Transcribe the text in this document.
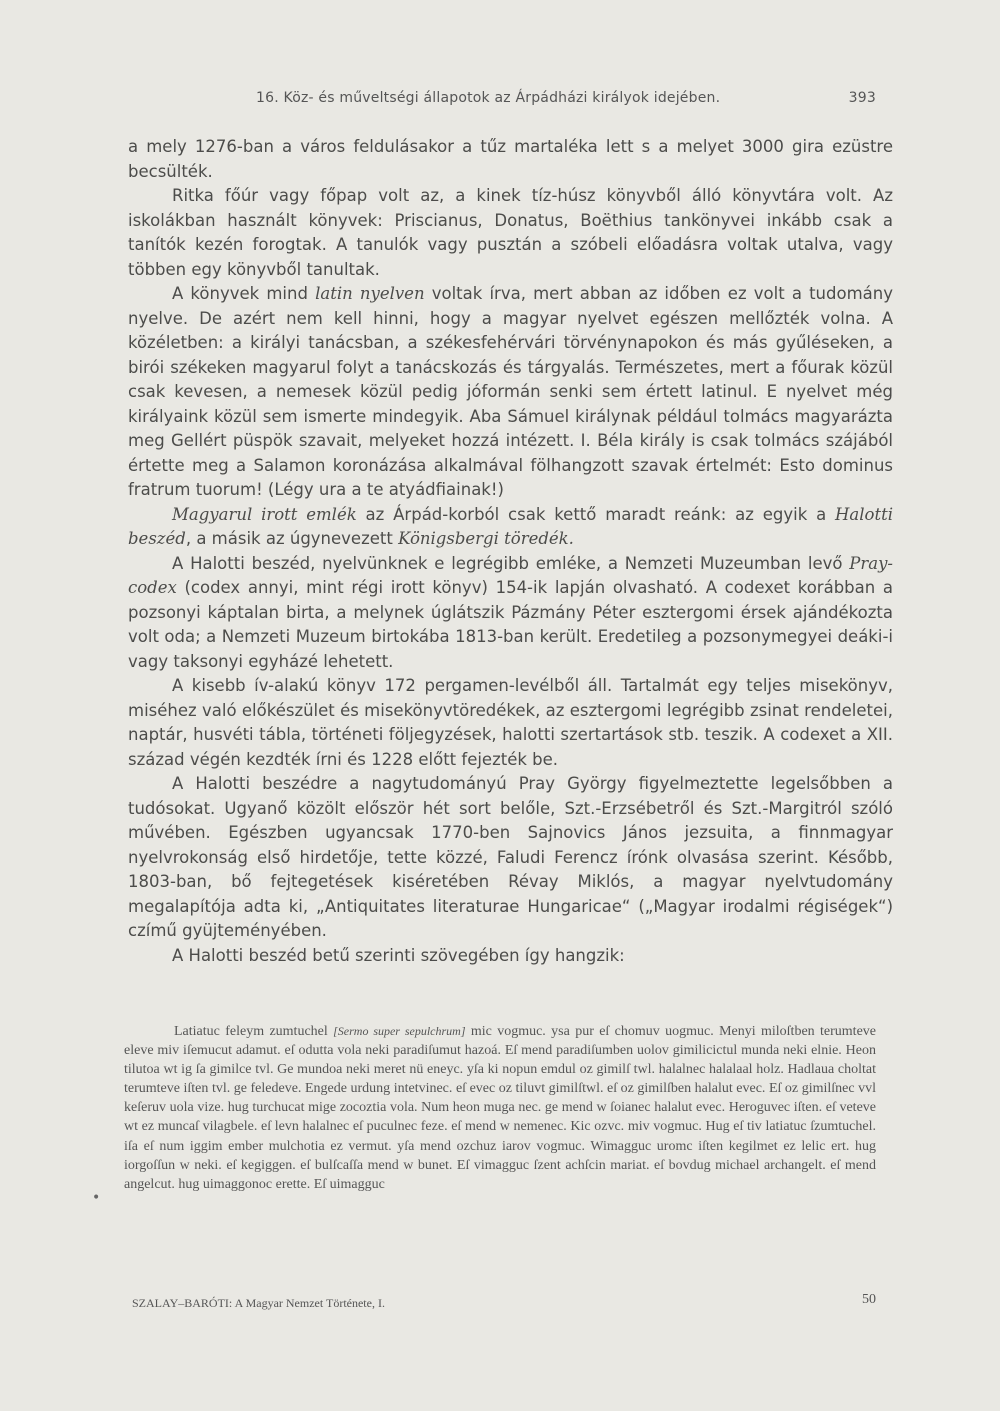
16. Köz- és műveltségi állapotok az Árpádházi királyok idejében.	393

a mely 1276-ban a város feldulásakor a tűz martaléka lett s a melyet 3000 gira ezüstre becsülték.

Ritka főúr vagy főpap volt az, a kinek tíz-húsz könyvből álló könyvtára volt. Az iskolákban használt könyvek: Priscianus, Donatus, Boëthius tankönyvei inkább csak a tanítók kezén forogtak. A tanulók vagy pusztán a szóbeli előadásra voltak utalva, vagy többen egy könyvből tanultak.

A könyvek mind latin nyelven voltak írva, mert abban az időben ez volt a tudomány nyelve. De azért nem kell hinni, hogy a magyar nyelvet egészen mellőzték volna. A közéletben: a királyi tanácsban, a székesfehérvári törvénynapokon és más gyűléseken, a birói székeken magyarul folyt a tanácskozás és tárgyalás. Természetes, mert a főurak közül csak kevesen, a nemesek közül pedig jóformán senki sem értett latinul. E nyelvet még királyaink közül sem ismerte mindegyik. Aba Sámuel királynak például tolmács magyarázta meg Gellért püspök szavait, melyeket hozzá intézett. I. Béla király is csak tolmács szájából értette meg a Salamon koronázása alkalmával fölhangzott szavak értelmét: Esto dominus fratrum tuorum! (Légy ura a te atyádfiainak!)

Magyarul irott emlék az Árpád-korból csak kettő maradt reánk: az egyik a Halotti beszéd, a másik az úgynevezett Königsbergi töredék.

A Halotti beszéd, nyelvünknek e legrégibb emléke, a Nemzeti Muzeumban levő Pray-codex (codex annyi, mint régi irott könyv) 154-ik lapján olvasható. A codexet korábban a pozsonyi káptalan birta, a melynek úglátszik Pázmány Péter esztergomi érsek ajándékozta volt oda; a Nemzeti Muzeum birtokába 1813-ban került. Eredetileg a pozsonymegyei deáki-i vagy taksonyi egyházé lehetett.

A kisebb ív-alakú könyv 172 pergamen-levélből áll. Tartalmát egy teljes misekönyv, miséhez való előkészület és misekönyvtöredékek, az esztergomi legrégibb zsinat rendeletei, naptár, husvéti tábla, történeti följegyzések, halotti szertartások stb. teszik. A codexet a XII. század végén kezdték írni és 1228 előtt fejezték be.

A Halotti beszédre a nagytudományú Pray György figyelmeztette legelsőbben a tudósokat. Ugyanő közölt először hét sort belőle, Szt.-Erzsébetről és Szt.-Margitról szóló művében. Egészben ugyancsak 1770-ben Sajnovics János jezsuita, a finnmagyar nyelvrokonság első hirdetője, tette közzé, Faludi Ferencz írónk olvasása szerint. Később, 1803-ban, bő fejtegetések kiséretében Révay Miklós, a magyar nyelvtudomány megalapítója adta ki, „Antiquitates literaturae Hungaricae“ („Magyar irodalmi régiségek“) czímű gyüjteményében.

A Halotti beszéd betű szerinti szövegében így hangzik:

Latiatuc feleym zumtuchel [Sermo super sepulchrum] mic vogmuc. ysa pur eſ chomuv uogmuc. Menyi miloſtben terumteve eleve miv iſemucut adamut. eſ odutta vola neki paradiſumut hazoá. Eſ mend paradiſumben uolov gimilicictul munda neki elnie. Heon tilutoa wt ig ſa gimilce tvl. Ge mundoa neki meret nü eneyc. yſa ki nopun emdul oz gimilſ twl. halalnec halalaal holz. Hadlaua choltat terumteve iſten tvl. ge feledeve. Engede urdung intetvinec. eſ evec oz tiluvt gimilſtwl. eſ oz gimilſben halalut evec. Eſ oz gimilſnec vvl keſeruv uola vize. hug turchucat mige zocoztia vola. Num heon muga nec. ge mend w ſoianec halalut evec. Heroguvec iſten. eſ veteve wt ez muncaſ vilagbele. eſ levn halalnec eſ puculnec feze. eſ mend w nemenec. Kic ozvc. miv vogmuc. Hug eſ tiv latiatuc ſzumtuchel. iſa eſ num iggim ember mulchotia ez vermut. yſa mend ozchuz iarov vogmuc. Wimagguc uromc iſten kegilmet ez lelic ert. hug iorgoſſun w neki. eſ kegiggen. eſ bulſcaſſa mend w bunet. Eſ vimagguc ſzent achſcin mariat. eſ bovdug michael archangelt. eſ mend angelcut. hug uimaggonoc erette. Eſ uimagguc

•
SZALAY–BARÓTI: A Magyar Nemzet Története, I.	50
